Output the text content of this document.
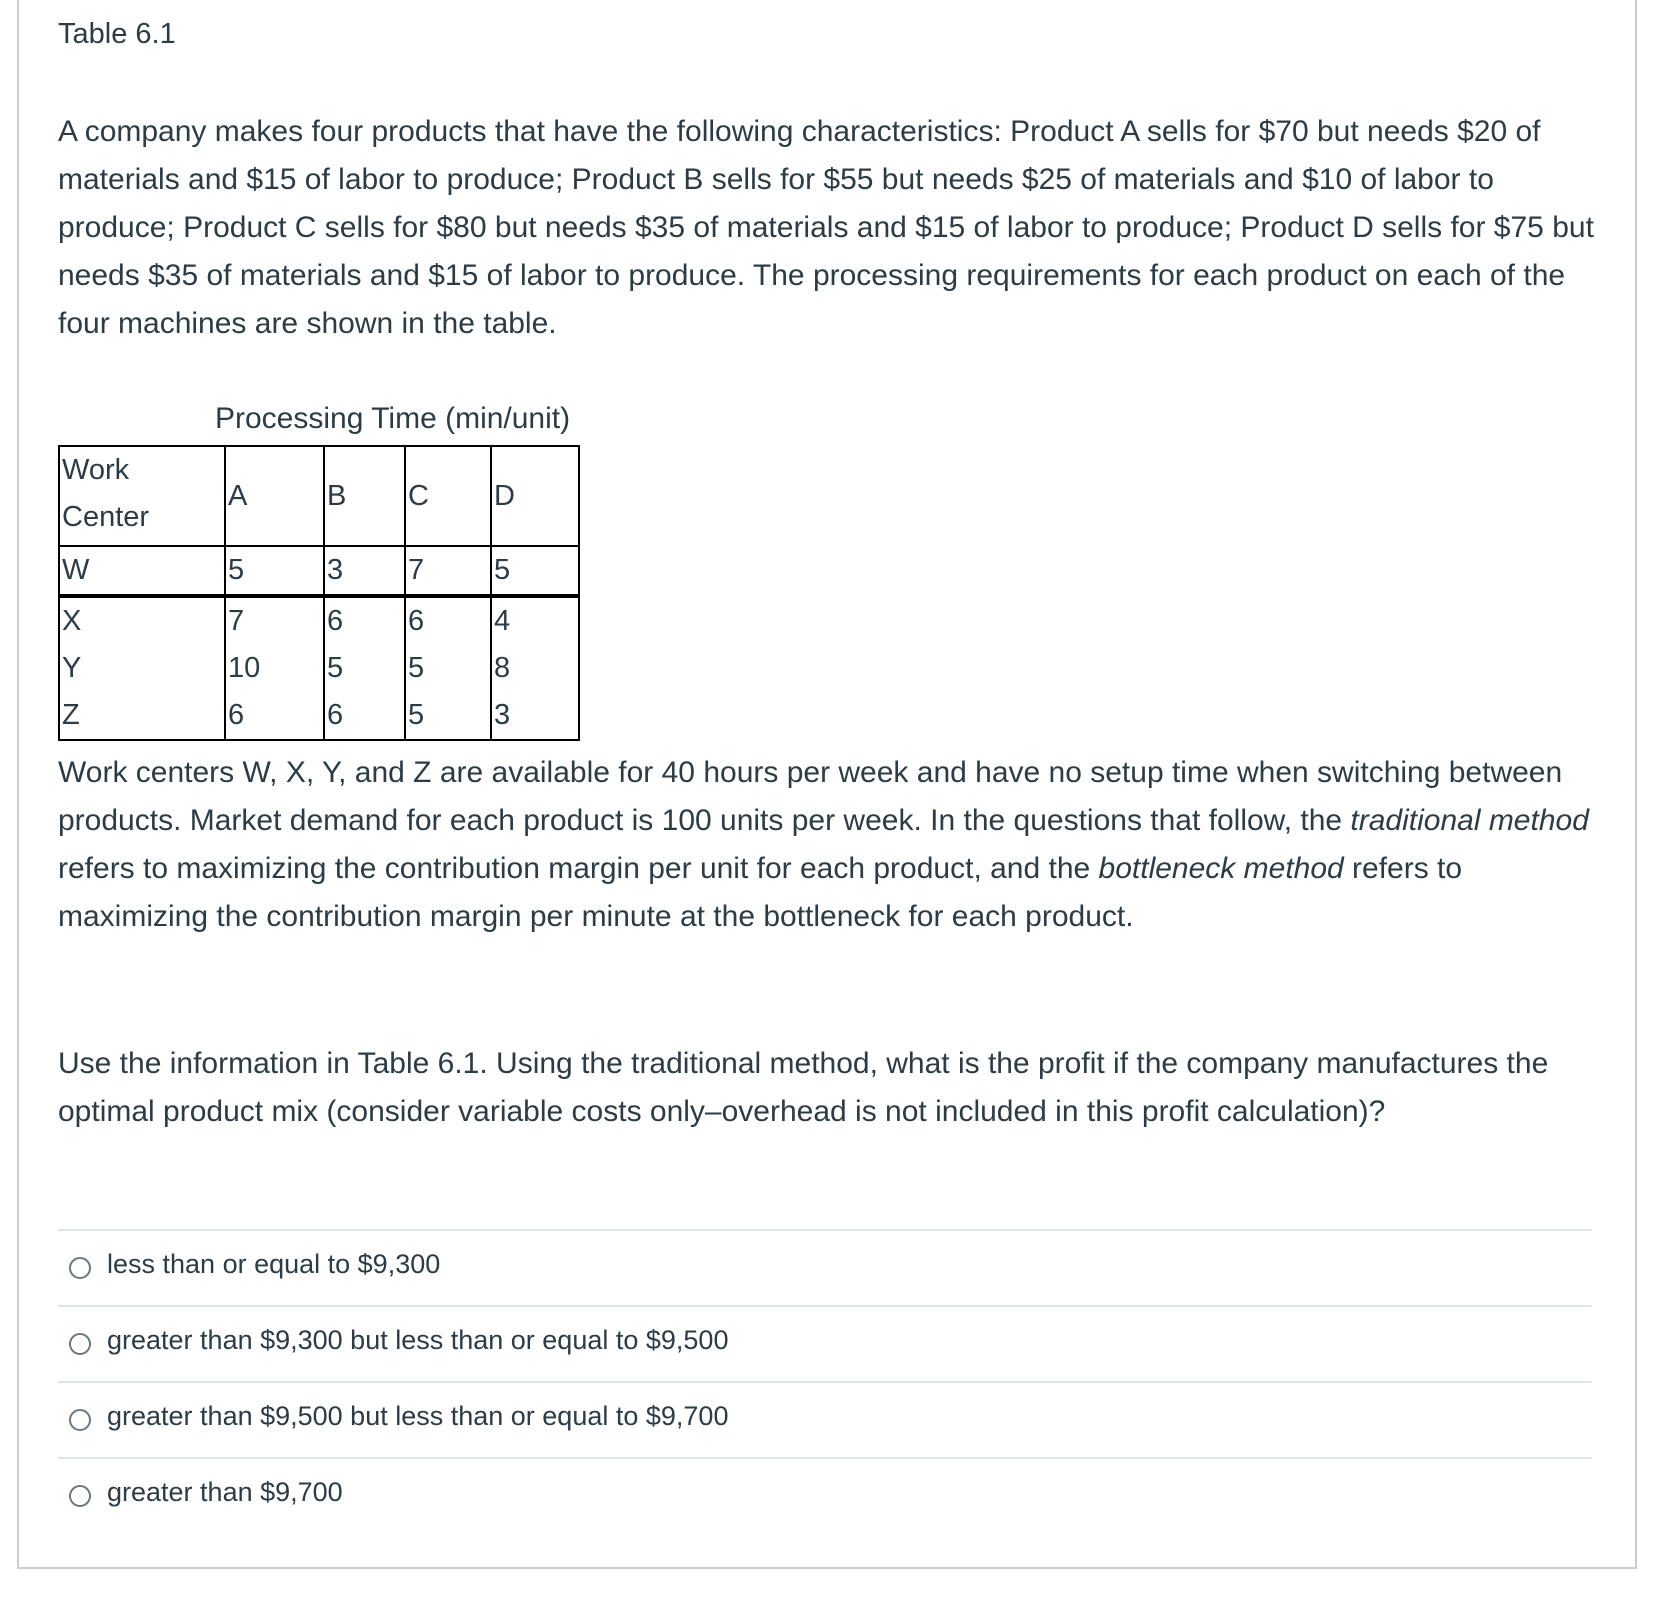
Table 6.1

A company makes four products that have the following characteristics: Product A sells for $70 but needs $20 of materials and $15 of labor to produce; Product B sells for $55 but needs $25 of materials and $10 of labor to produce; Product C sells for $80 but needs $35 of materials and $15 of labor to produce; Product D sells for $75 but needs $35 of materials and $15 of labor to produce. The processing requirements for each product on each of the four machines are shown in the table.

Processing Time (min/unit)
Work Center	A	B	C	D
W	5	3	7	5
X	7	6	6	4
Y	10	5	5	8
Z	6	6	5	3

Work centers W, X, Y, and Z are available for 40 hours per week and have no setup time when switching between products. Market demand for each product is 100 units per week. In the questions that follow, the traditional method refers to maximizing the contribution margin per unit for each product, and the bottleneck method refers to maximizing the contribution margin per minute at the bottleneck for each product.

Use the information in Table 6.1. Using the traditional method, what is the profit if the company manufactures the optimal product mix (consider variable costs only–overhead is not included in this profit calculation)?

less than or equal to $9,300
greater than $9,300 but less than or equal to $9,500
greater than $9,500 but less than or equal to $9,700
greater than $9,700
